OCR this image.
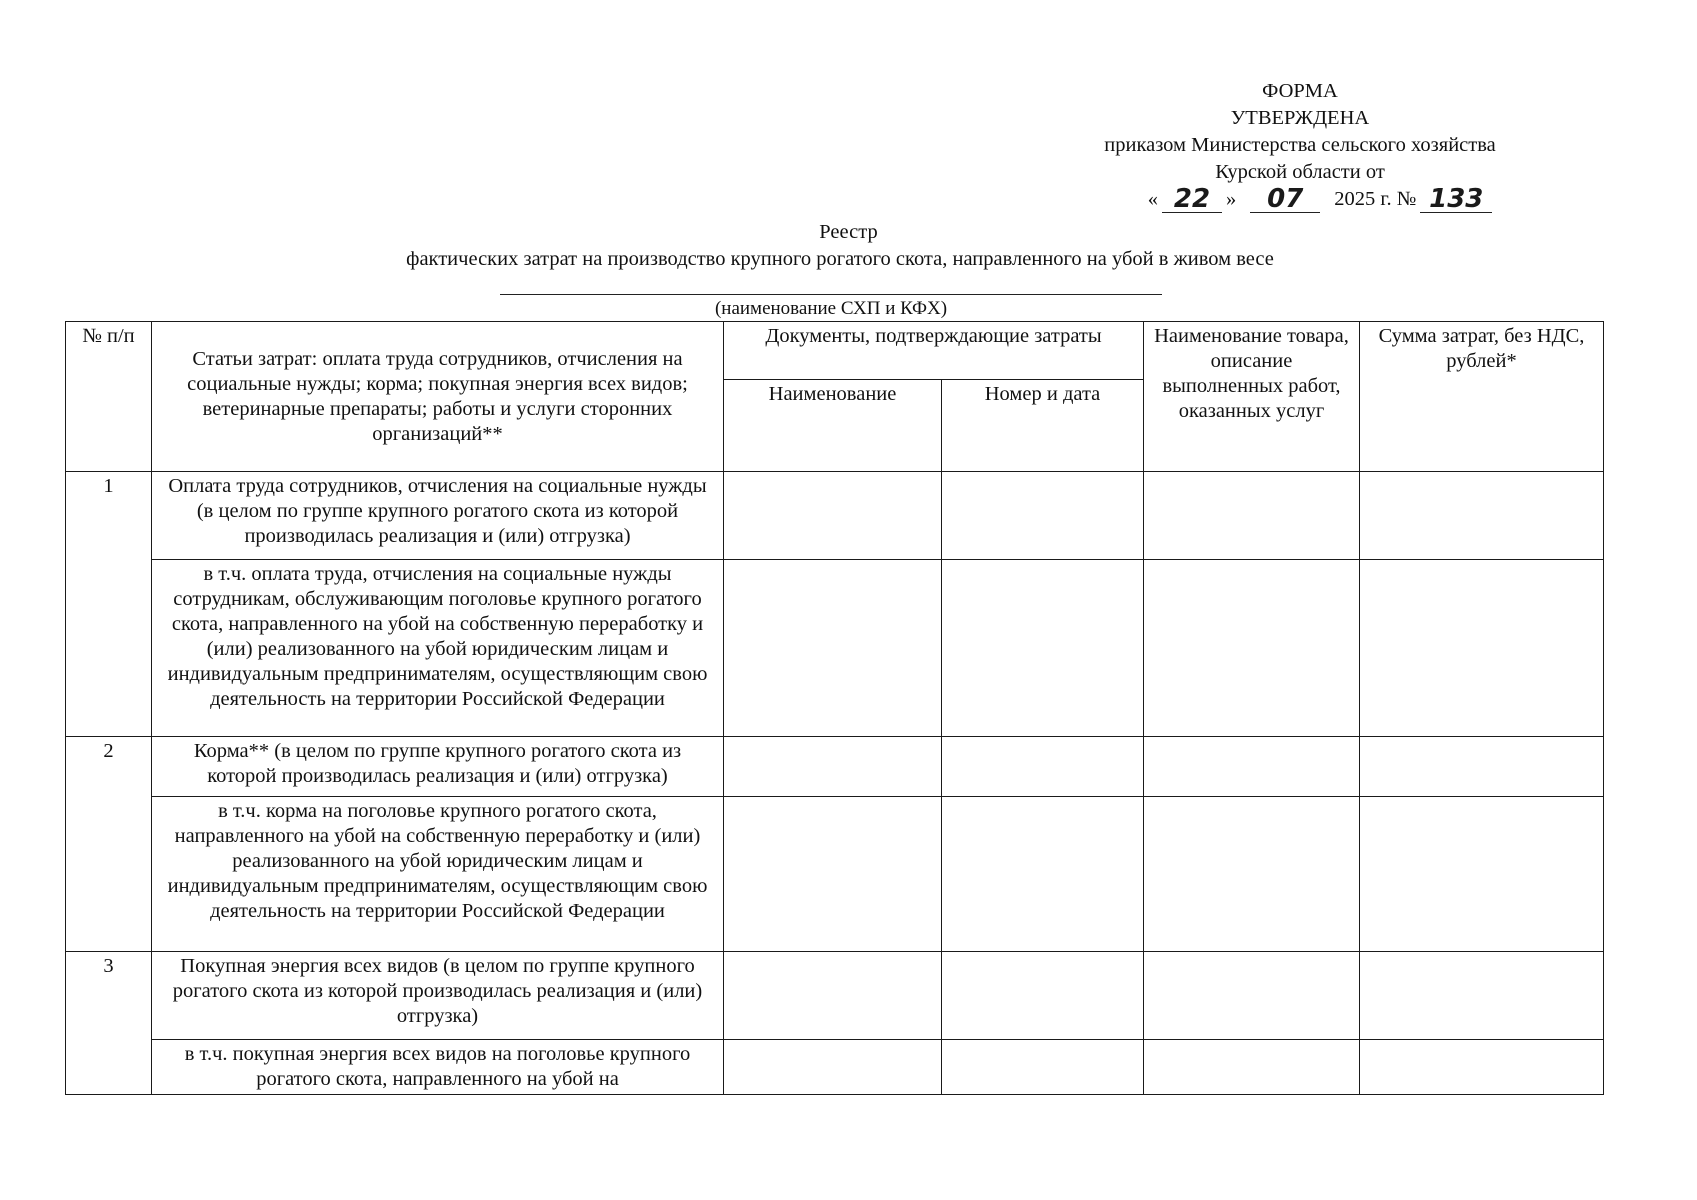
ФОРМА
УТВЕРЖДЕНА
приказом Министерства сельского хозяйства
Курской области от
« 22 »	07	2025 г. № 133
Реестр
фактических затрат на производство крупного рогатого скота, направленного на убой в живом весе
(наименование СХП и КФХ)
№ п/п	Статьи затрат: оплата труда сотрудников, отчисления на социальные нужды; корма; покупная энергия всех видов; ветеринарные препараты; работы и услуги сторонних организаций**	Документы, подтверждающие затраты		Наименование товара, описание выполненных работ, оказанных услуг	Сумма затрат, без НДС, рублей*
		Наименование	Номер и дата		
1	Оплата труда сотрудников, отчисления на социальные нужды (в целом по группе крупного рогатого скота из которой производилась реализация и (или) отгрузка)				
	в т.ч. оплата труда, отчисления на социальные нужды сотрудникам, обслуживающим поголовье крупного рогатого скота, направленного на убой на собственную переработку и (или) реализованного на убой юридическим лицам и индивидуальным предпринимателям, осуществляющим свою деятельность на территории Российской Федерации				
2	Корма** (в целом по группе крупного рогатого скота из которой производилась реализация и (или) отгрузка)				
	в т.ч. корма на поголовье крупного рогатого скота, направленного на убой на собственную переработку и (или) реализованного на убой юридическим лицам и индивидуальным предпринимателям, осуществляющим свою деятельность на территории Российской Федерации				
3	Покупная энергия всех видов (в целом по группе крупного рогатого скота из которой производилась реализация и (или) отгрузка)				
	в т.ч. покупная энергия всех видов на поголовье крупного рогатого скота, направленного на убой на				
